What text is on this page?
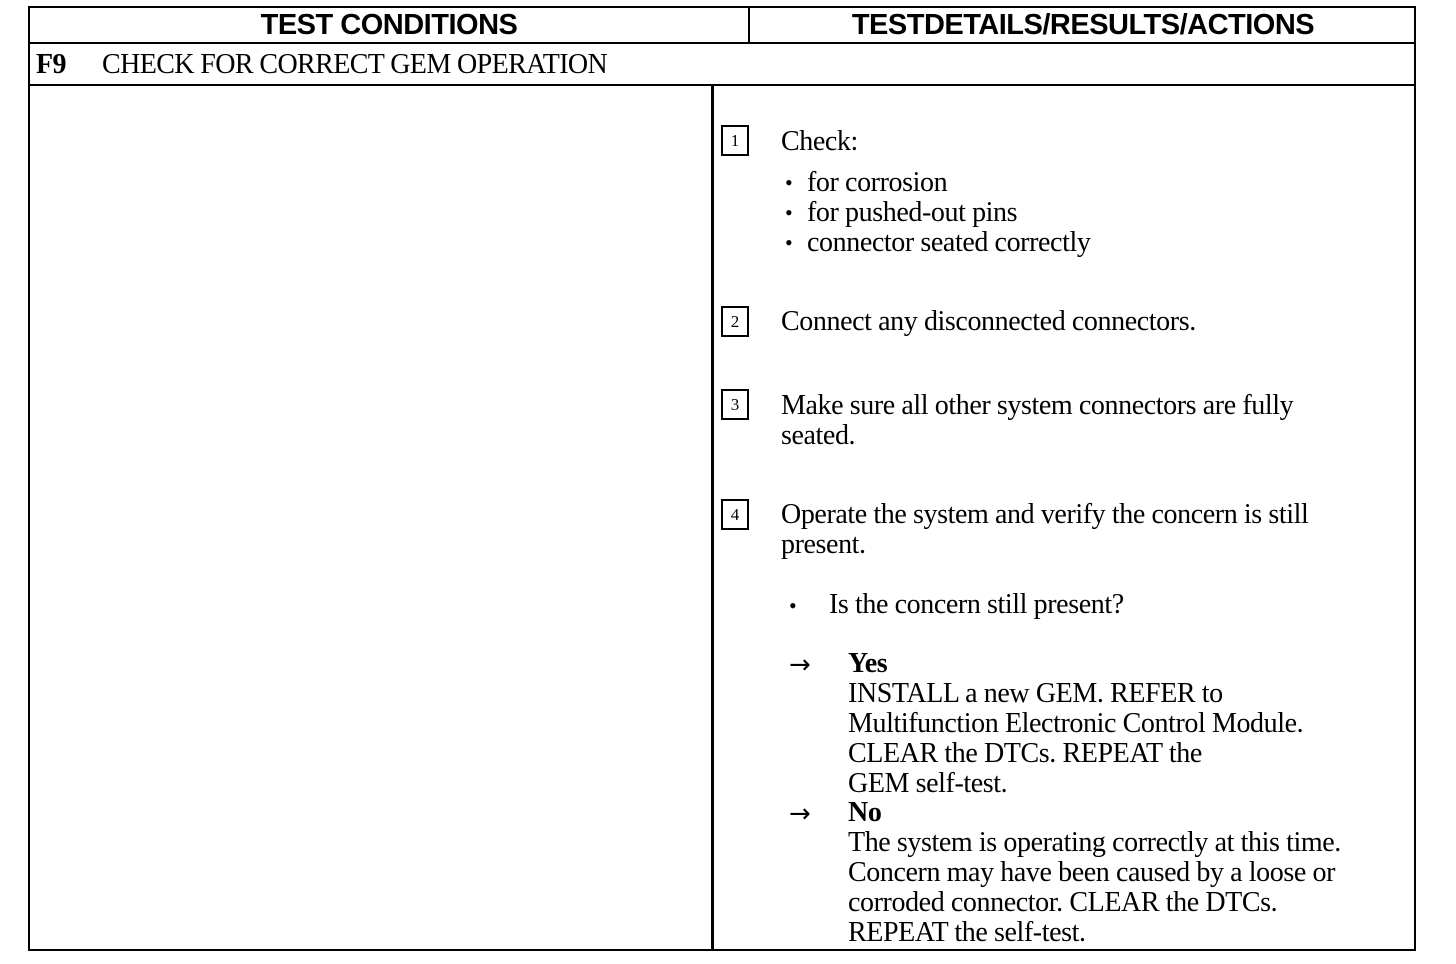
TEST CONDITIONS	TESTDETAILS/RESULTS/ACTIONS
F9 CHECK FOR CORRECT GEM OPERATION
1	Check:
• for corrosion
• for pushed-out pins
• connector seated correctly
2	Connect any disconnected connectors.
3	Make sure all other system connectors are fully
seated.
4	Operate the system and verify the concern is still
present.
• Is the concern still present?
→ Yes
INSTALL a new GEM. REFER to
Multifunction Electronic Control Module.
CLEAR the DTCs. REPEAT the
GEM self-test.
→ No
The system is operating correctly at this time.
Concern may have been caused by a loose or
corroded connector. CLEAR the DTCs.
REPEAT the self-test.
